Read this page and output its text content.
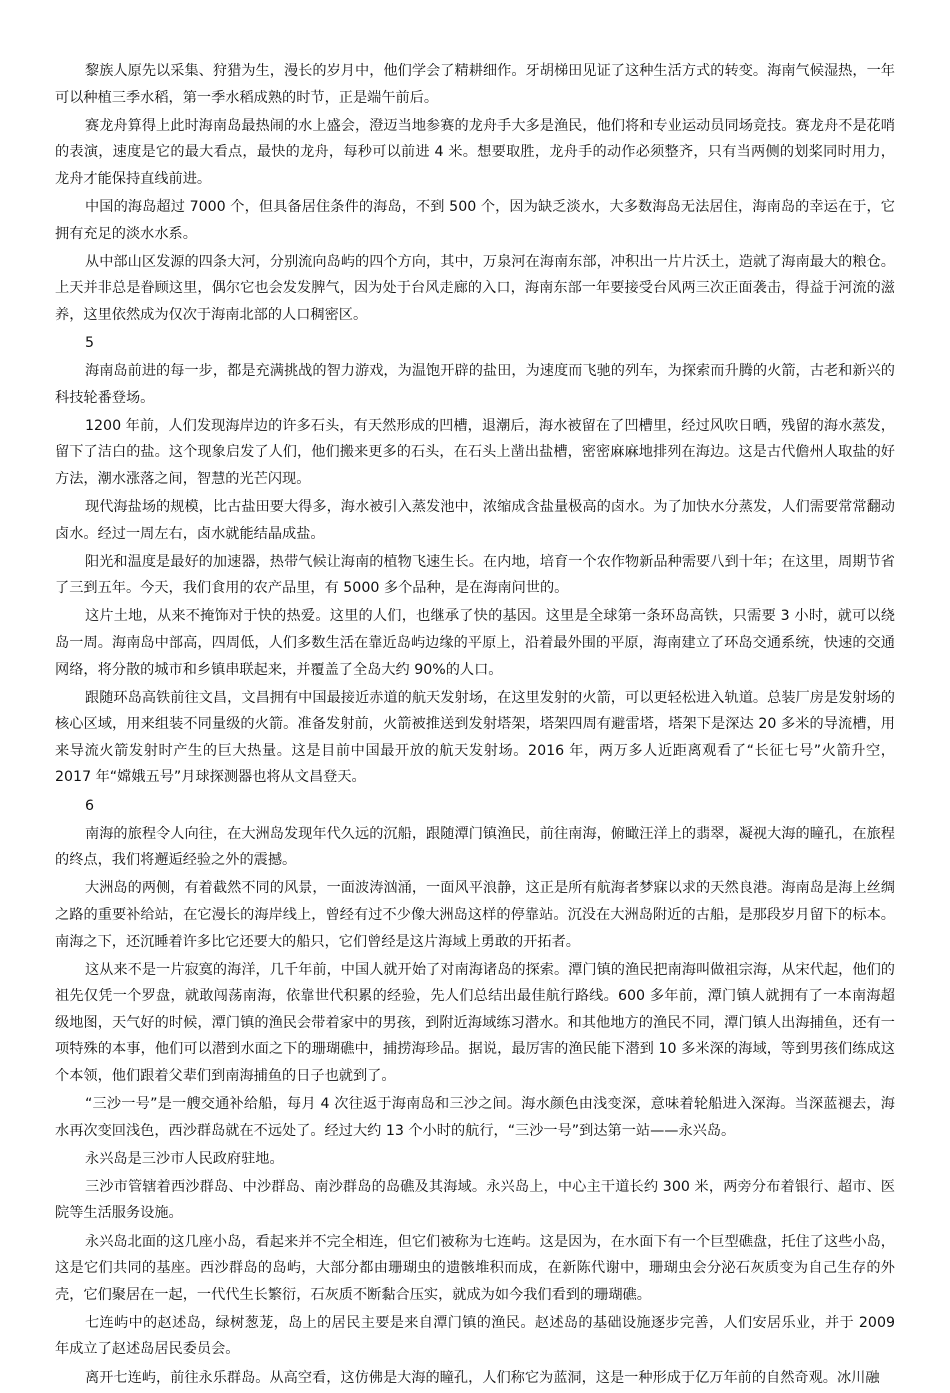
黎族人原先以采集、狩猎为生，漫长的岁月中，他们学会了精耕细作。牙胡梯田见证了这种生活方式的转变。海南气候湿热，一年可以种植三季水稻，第一季水稻成熟的时节，正是端午前后。

赛龙舟算得上此时海南岛最热闹的水上盛会，澄迈当地参赛的龙舟手大多是渔民，他们将和专业运动员同场竞技。赛龙舟不是花哨的表演，速度是它的最大看点，最快的龙舟，每秒可以前进 4 米。想要取胜，龙舟手的动作必须整齐，只有当两侧的划桨同时用力，龙舟才能保持直线前进。

中国的海岛超过 7000 个，但具备居住条件的海岛，不到 500 个，因为缺乏淡水，大多数海岛无法居住，海南岛的幸运在于，它拥有充足的淡水水系。

从中部山区发源的四条大河，分别流向岛屿的四个方向，其中，万泉河在海南东部，冲积出一片片沃土，造就了海南最大的粮仓。上天并非总是眷顾这里，偶尔它也会发发脾气，因为处于台风走廊的入口，海南东部一年要接受台风两三次正面袭击，得益于河流的滋养，这里依然成为仅次于海南北部的人口稠密区。

5

海南岛前进的每一步，都是充满挑战的智力游戏，为温饱开辟的盐田，为速度而飞驰的列车，为探索而升腾的火箭，古老和新兴的科技轮番登场。

1200 年前，人们发现海岸边的许多石头，有天然形成的凹槽，退潮后，海水被留在了凹槽里，经过风吹日晒，残留的海水蒸发，留下了洁白的盐。这个现象启发了人们，他们搬来更多的石头，在石头上凿出盐槽，密密麻麻地排列在海边。这是古代儋州人取盐的好方法，潮水涨落之间，智慧的光芒闪现。

现代海盐场的规模，比古盐田要大得多，海水被引入蒸发池中，浓缩成含盐量极高的卤水。为了加快水分蒸发，人们需要常常翻动卤水。经过一周左右，卤水就能结晶成盐。

阳光和温度是最好的加速器，热带气候让海南的植物飞速生长。在内地，培育一个农作物新品种需要八到十年；在这里，周期节省了三到五年。今天，我们食用的农产品里，有 5000 多个品种，是在海南问世的。

这片土地，从来不掩饰对于快的热爱。这里的人们，也继承了快的基因。这里是全球第一条环岛高铁，只需要 3 小时，就可以绕岛一周。海南岛中部高，四周低，人们多数生活在靠近岛屿边缘的平原上，沿着最外围的平原，海南建立了环岛交通系统，快速的交通网络，将分散的城市和乡镇串联起来，并覆盖了全岛大约 90%的人口。

跟随环岛高铁前往文昌，文昌拥有中国最接近赤道的航天发射场，在这里发射的火箭，可以更轻松进入轨道。总装厂房是发射场的核心区域，用来组装不同量级的火箭。准备发射前，火箭被推送到发射塔架，塔架四周有避雷塔，塔架下是深达 20 多米的导流槽，用来导流火箭发射时产生的巨大热量。这是目前中国最开放的航天发射场。2016 年，两万多人近距离观看了“长征七号”火箭升空，2017 年“嫦娥五号”月球探测器也将从文昌登天。

6

南海的旅程令人向往，在大洲岛发现年代久远的沉船，跟随潭门镇渔民，前往南海，俯瞰汪洋上的翡翠，凝视大海的瞳孔，在旅程的终点，我们将邂逅经验之外的震撼。

大洲岛的两侧，有着截然不同的风景，一面波涛汹涌，一面风平浪静，这正是所有航海者梦寐以求的天然良港。海南岛是海上丝绸之路的重要补给站，在它漫长的海岸线上，曾经有过不少像大洲岛这样的停靠站。沉没在大洲岛附近的古船，是那段岁月留下的标本。南海之下，还沉睡着许多比它还要大的船只，它们曾经是这片海域上勇敢的开拓者。

这从来不是一片寂寞的海洋，几千年前，中国人就开始了对南海诸岛的探索。潭门镇的渔民把南海叫做祖宗海，从宋代起，他们的祖先仅凭一个罗盘，就敢闯荡南海，依靠世代积累的经验，先人们总结出最佳航行路线。600 多年前，潭门镇人就拥有了一本南海超级地图，天气好的时候，潭门镇的渔民会带着家中的男孩，到附近海域练习潜水。和其他地方的渔民不同，潭门镇人出海捕鱼，还有一项特殊的本事，他们可以潜到水面之下的珊瑚礁中，捕捞海珍品。据说，最厉害的渔民能下潜到 10 多米深的海域，等到男孩们练成这个本领，他们跟着父辈们到南海捕鱼的日子也就到了。

“三沙一号”是一艘交通补给船，每月 4 次往返于海南岛和三沙之间。海水颜色由浅变深，意味着轮船进入深海。当深蓝褪去，海水再次变回浅色，西沙群岛就在不远处了。经过大约 13 个小时的航行，“三沙一号”到达第一站——永兴岛。

永兴岛是三沙市人民政府驻地。

三沙市管辖着西沙群岛、中沙群岛、南沙群岛的岛礁及其海域。永兴岛上，中心主干道长约 300 米，两旁分布着银行、超市、医院等生活服务设施。

永兴岛北面的这几座小岛，看起来并不完全相连，但它们被称为七连屿。这是因为，在水面下有一个巨型礁盘，托住了这些小岛，这是它们共同的基座。西沙群岛的岛屿，大部分都由珊瑚虫的遗骸堆积而成，在新陈代谢中，珊瑚虫会分泌石灰质变为自己生存的外壳，它们聚居在一起，一代代生长繁衍，石灰质不断黏合压实，就成为如今我们看到的珊瑚礁。

七连屿中的赵述岛，绿树葱茏，岛上的居民主要是来自潭门镇的渔民。赵述岛的基础设施逐步完善，人们安居乐业，并于 2009 年成立了赵述岛居民委员会。

离开七连屿，前往永乐群岛。从高空看，这仿佛是大海的瞳孔，人们称它为蓝洞，这是一种形成于亿万年前的自然奇观。冰川融
